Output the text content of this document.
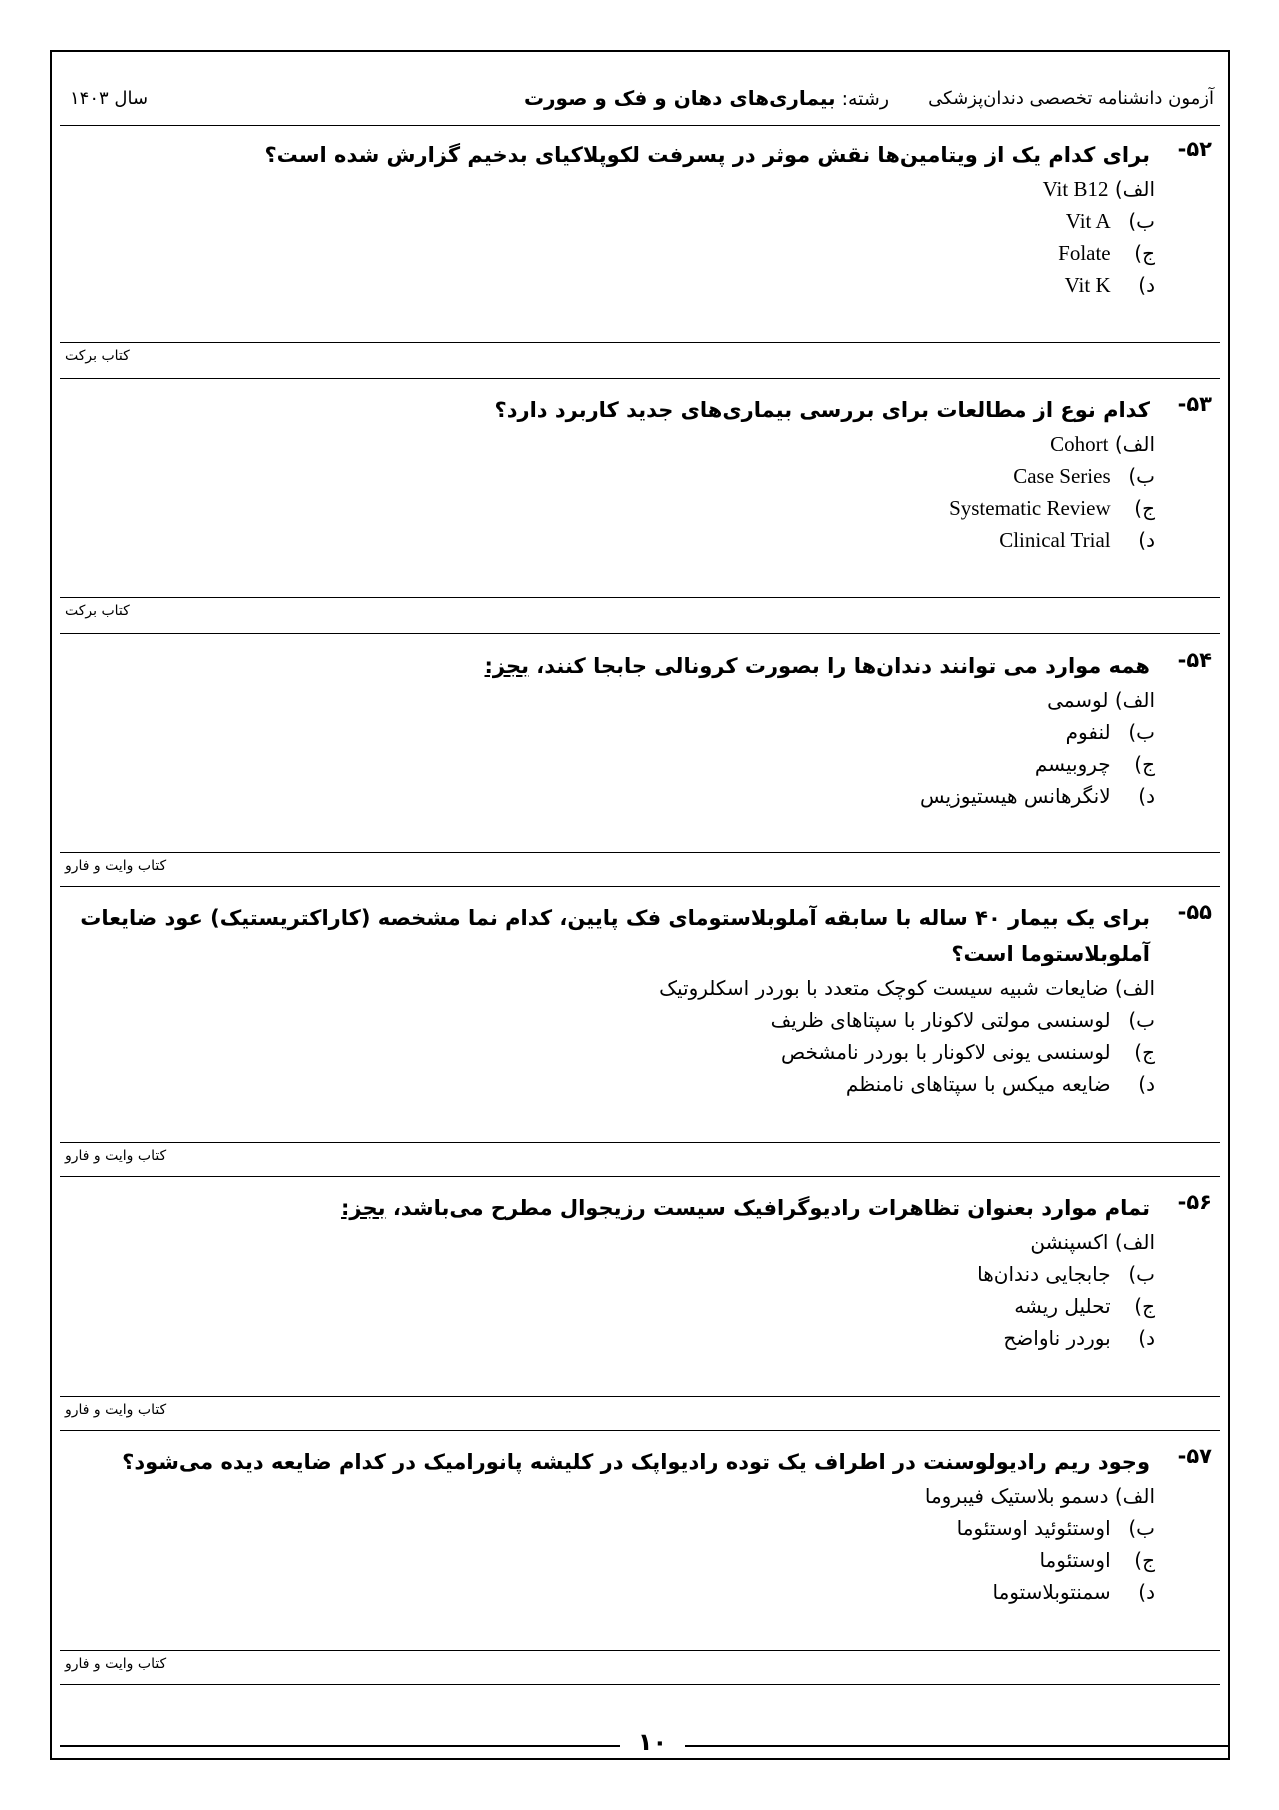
آزمون دانشنامه تخصصی دندان‌پزشکی
رشته: بیماری‌های دهان و فک و صورت
سال ۱۴۰۳
۵۲-
برای کدام یک از ویتامین‌ها نقش موثر در پسرفت لکوپلاکیای بدخیم گزارش شده است؟
الف) Vit B12
ب) Vit A
ج) Folate
د) Vit K
کتاب برکت
۵۳-
کدام نوع از مطالعات برای بررسی بیماری‌های جدید کاربرد دارد؟
الف) Cohort
ب) Case Series
ج) Systematic Review
د) Clinical Trial
کتاب برکت
۵۴-
همه موارد می توانند دندان‌ها را بصورت کرونالی جابجا کنند، بجز:
الف) لوسمی
ب) لنفوم
ج) چروبیسم
د) لانگرهانس هیستیوزیس
کتاب وایت و فارو
۵۵-
برای یک بیمار ۴۰ ساله با سابقه آملوبلاستومای فک پایین، کدام نما مشخصه (کاراکتریستیک) عود ضایعات
آملوبلاستوما است؟
الف) ضایعات شبیه سیست کوچک متعدد با بوردر اسکلروتیک
ب) لوسنسی مولتی لاکونار با سپتاهای ظریف
ج) لوسنسی یونی لاکونار با بوردر نامشخص
د) ضایعه میکس با سپتاهای نامنظم
کتاب وایت و فارو
۵۶-
تمام موارد بعنوان تظاهرات رادیوگرافیک سیست رزیجوال مطرح می‌باشد، بجز:
الف) اکسپنشن
ب) جابجایی دندان‌ها
ج) تحلیل ریشه
د) بوردر ناواضح
کتاب وایت و فارو
۵۷-
وجود ریم رادیولوسنت در اطراف یک توده رادیواپک در کلیشه پانورامیک در کدام ضایعه دیده می‌شود؟
الف) دسمو بلاستیک فیبروما
ب) اوستئوئید اوستئوما
ج) اوستئوما
د) سمنتوبلاستوما
کتاب وایت و فارو
۱۰
